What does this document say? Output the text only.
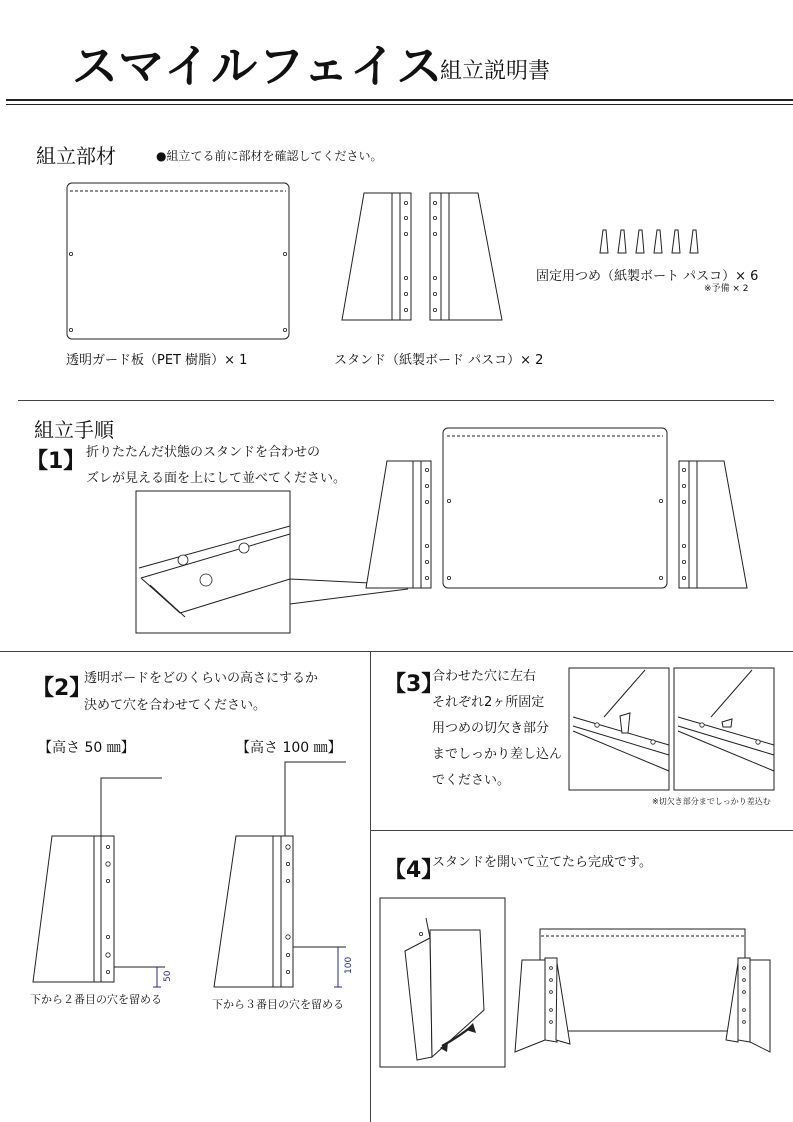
スマイルフェイス
組立説明書
組立部材	●組立てる前に部材を確認してください。
透明ガード板（PET 樹脂）× 1	スタンド（紙製ボード パスコ）× 2
固定用つめ（紙製ボート パスコ）× 6
※予備 × 2
組立手順
【1】 折りたたんだ状態のスタンドを合わせの
ズレが見える面を上にして並べてください。
【2】
透明ボードをどのくらいの高さにするか
決めて穴を合わせてください。
【高さ 50 ㎜】	【高さ 100 ㎜】
50
100
下から２番目の穴を留める	下から３番目の穴を留める
【3】
合わせた穴に左右
それぞれ2ヶ所固定
用つめの切欠き部分
までしっかり差し込ん
でください。
※切欠き部分までしっかり差込む
【4】
スタンドを開いて立てたら完成です。
